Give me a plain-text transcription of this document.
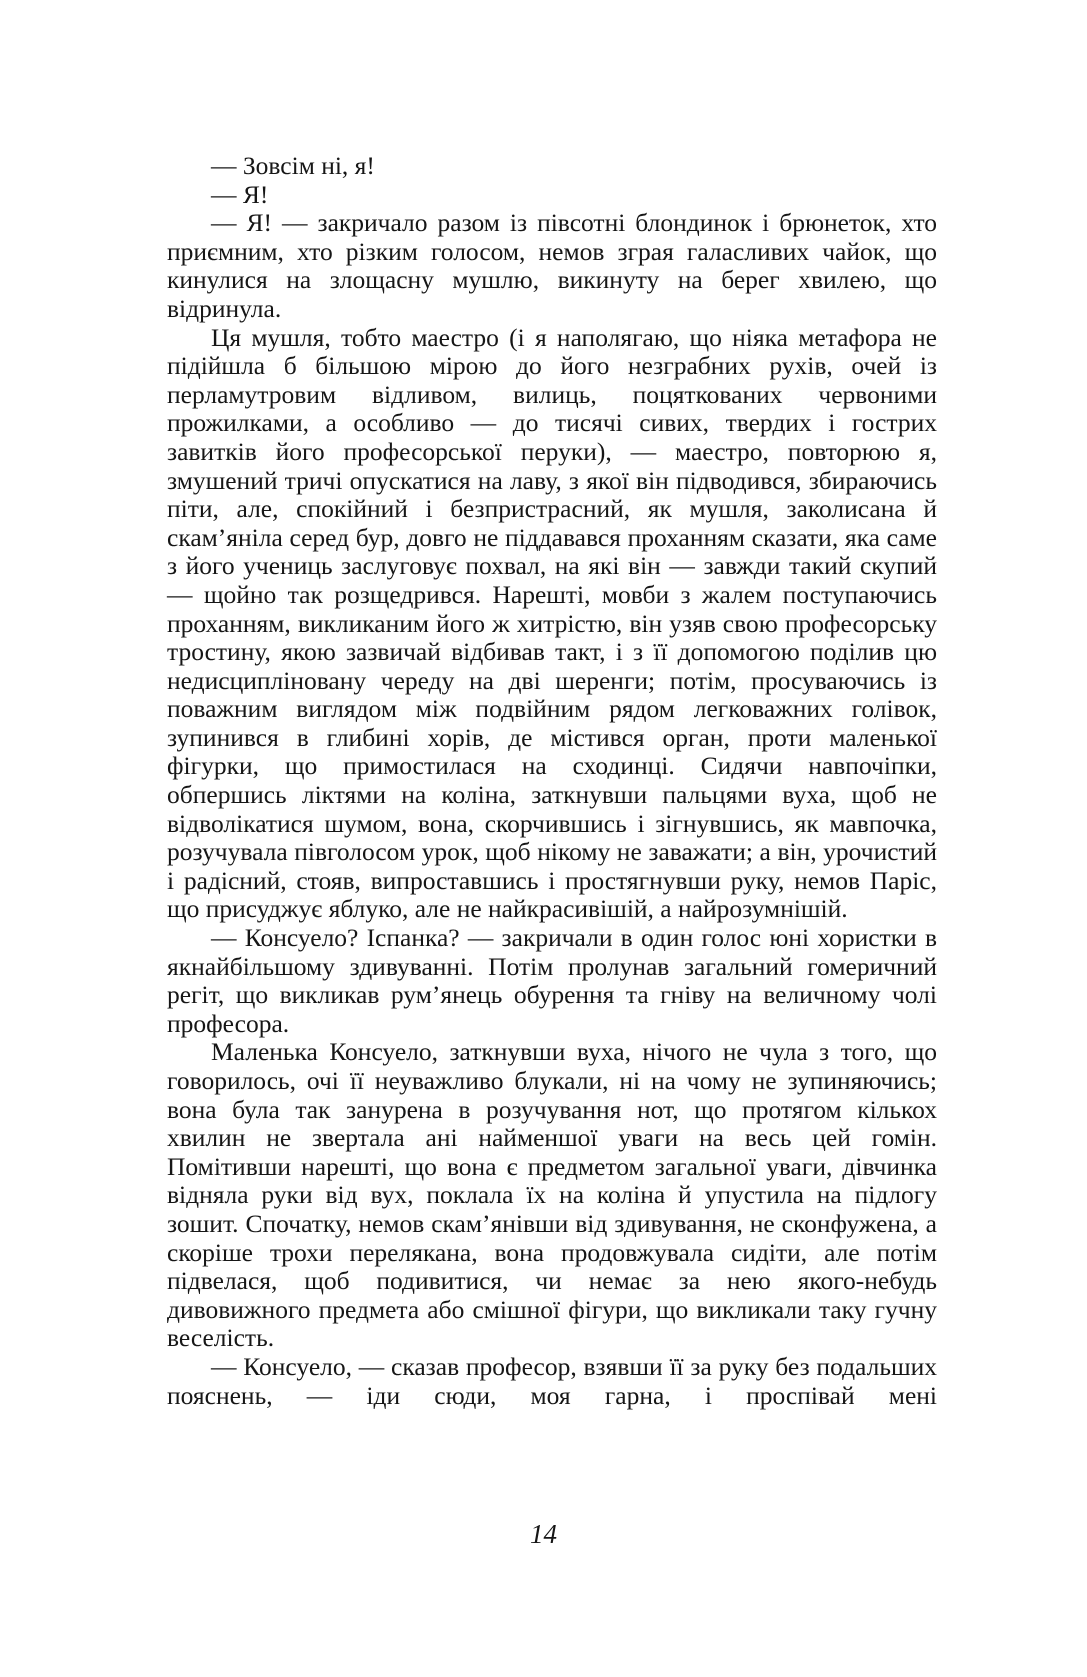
— Зовсім ні, я!

— Я!

— Я! — закричало разом із півсотні блондинок і брюнеток, хто приємним, хто різким голосом, немов зграя галасливих чайок, що кинулися на злощасну мушлю, викинуту на берег хвилею, що відринула.

Ця мушля, тобто маестро (і я наполягаю, що ніяка метафора не підійшла б більшою мірою до його незграбних рухів, очей із перламутровим відливом, вилиць, поцяткованих червоними прожилками, а особливо — до тисячі сивих, твердих і гострих завитків його професорської перуки), — маестро, повторюю я, змушений тричі опускатися на лаву, з якої він підводився, збираючись піти, але, спокійний і безпристрасний, як мушля, заколисана й скам’яніла серед бур, довго не піддавався проханням сказати, яка саме з його учениць заслуговує похвал, на які він — завжди такий скупий — щойно так розщедрився. Нарешті, мовби з жалем поступаючись проханням, викликаним його ж хитрістю, він узяв свою професорську тростину, якою зазвичай відбивав такт, і з її допомогою поділив цю недисципліновану череду на дві шеренги; потім, просуваючись із поважним виглядом між подвійним рядом легковажних голівок, зупинився в глибині хорів, де містився орган, проти маленької фігурки, що примостилася на сходинці. Сидячи навпочіпки, обпершись ліктями на коліна, заткнувши пальцями вуха, щоб не відволікатися шумом, вона, скорчившись і зігнувшись, як мавпочка, розучувала півголосом урок, щоб нікому не заважати; а він, урочистий і радісний, стояв, випроставшись і простягнувши руку, немов Паріс, що присуджує яблуко, але не найкрасивішій, а найрозумнішій.

— Консуело? Іспанка? — закричали в один голос юні хористки в якнайбільшому здивуванні. Потім пролунав загальний гомеричний регіт, що викликав рум’янець обурення та гніву на величному чолі професора.

Маленька Консуело, заткнувши вуха, нічого не чула з того, що говорилось, очі її неуважливо блукали, ні на чому не зупиняючись; вона була так занурена в розучування нот, що протягом кількох хвилин не звертала ані найменшої уваги на весь цей гомін. Помітивши нарешті, що вона є предметом загальної уваги, дівчинка відняла руки від вух, поклала їх на коліна й упустила на підлогу зошит. Спочатку, немов скам’янівши від здивування, не сконфужена, а скоріше трохи перелякана, вона продовжувала сидіти, але потім підвелася, щоб подивитися, чи немає за нею якого-небудь дивовижного предмета або смішної фігури, що викликали таку гучну веселість.

— Консуело, — сказав професор, взявши її за руку без подальших пояснень, — іди сюди, моя гарна, і проспівай мені

14
